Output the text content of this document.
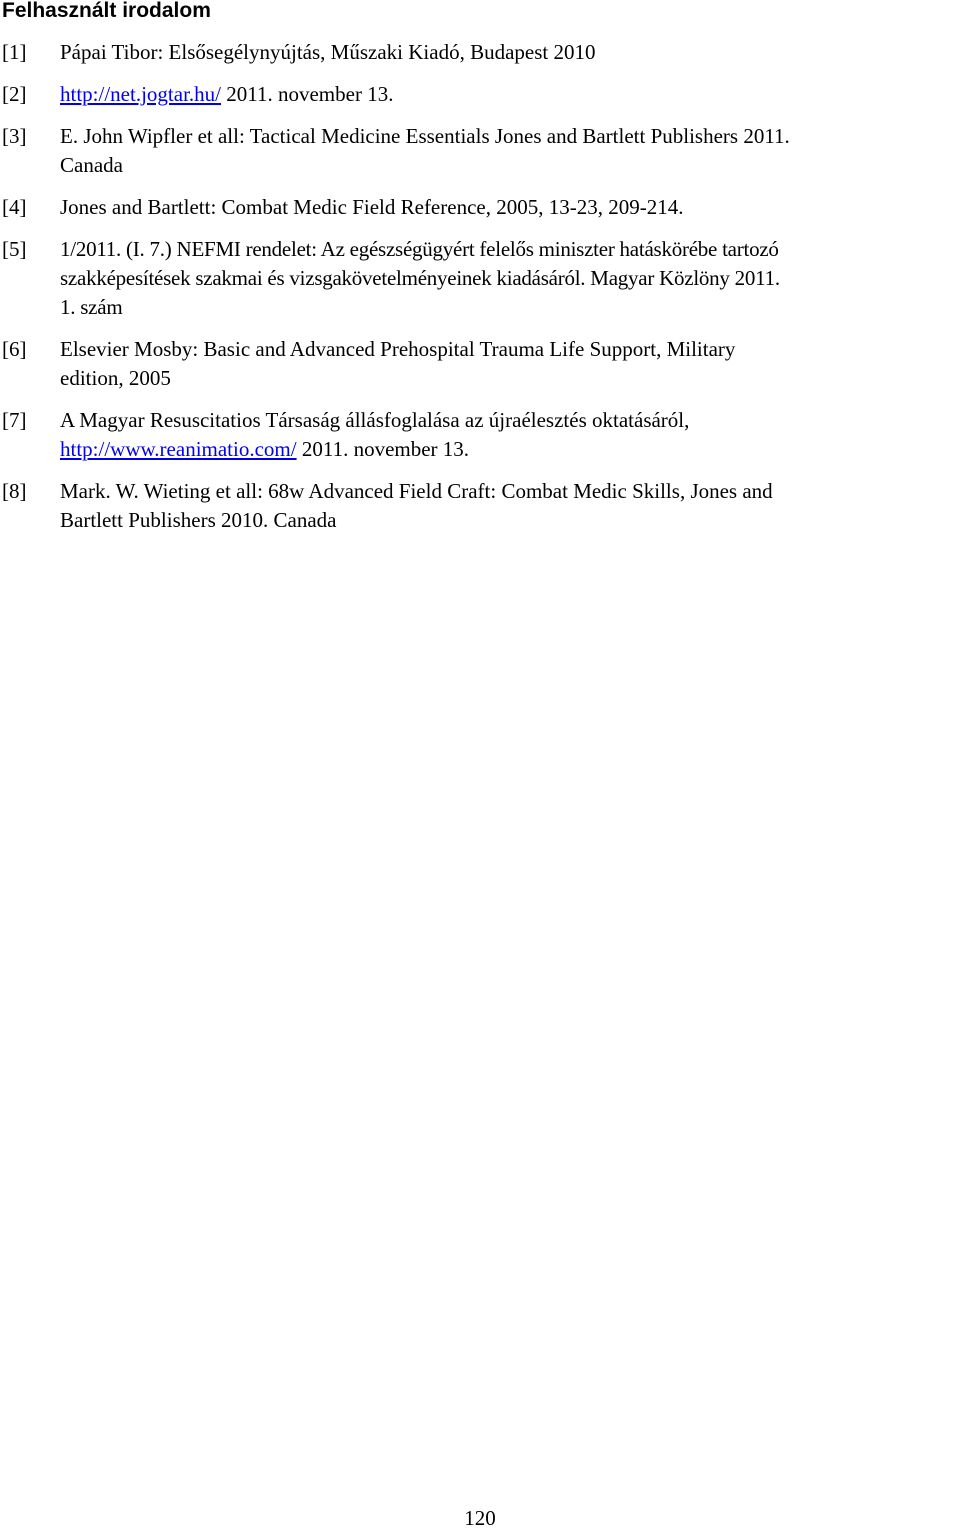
Felhasznált irodalom
[1] Pápai Tibor: Elsősegélynyújtás, Műszaki Kiadó, Budapest 2010
[2] http://net.jogtar.hu/ 2011. november 13.
[3] E. John Wipfler et all: Tactical Medicine Essentials Jones and Bartlett Publishers 2011.
Canada
[4] Jones and Bartlett: Combat Medic Field Reference, 2005, 13-23, 209-214.
[5] 1/2011. (I. 7.) NEFMI rendelet: Az egészségügyért felelős miniszter hatáskörébe tartozó
szakképesítések szakmai és vizsgakövetelményeinek kiadásáról. Magyar Közlöny 2011.
1. szám
[6] Elsevier Mosby: Basic and Advanced Prehospital Trauma Life Support, Military
edition, 2005
[7] A Magyar Resuscitatios Társaság állásfoglalása az újraélesztés oktatásáról,
http://www.reanimatio.com/ 2011. november 13.
[8] Mark. W. Wieting et all: 68w Advanced Field Craft: Combat Medic Skills, Jones and
Bartlett Publishers 2010. Canada
120
